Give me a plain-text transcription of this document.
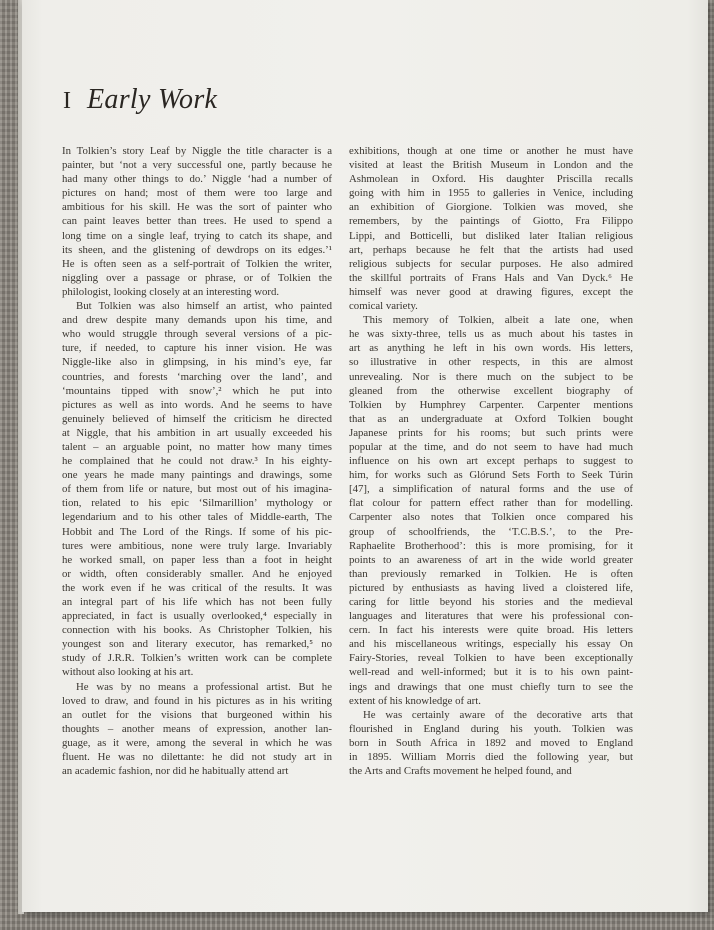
I Early Work
In Tolkien’s story Leaf by Niggle the title character is a
painter, but ‘not a very successful one, partly because he
had many other things to do.’ Niggle ‘had a number of
pictures on hand; most of them were too large and
ambitious for his skill. He was the sort of painter who
can paint leaves better than trees. He used to spend a
long time on a single leaf, trying to catch its shape, and
its sheen, and the glistening of dewdrops on its edges.’¹
He is often seen as a self-portrait of Tolkien the writer,
niggling over a passage or phrase, or of Tolkien the
philologist, looking closely at an interesting word.
But Tolkien was also himself an artist, who painted
and drew despite many demands upon his time, and
who would struggle through several versions of a pic-
ture, if needed, to capture his inner vision. He was
Niggle-like also in glimpsing, in his mind’s eye, far
countries, and forests ‘marching over the land’, and
‘mountains tipped with snow’,² which he put into
pictures as well as into words. And he seems to have
genuinely believed of himself the criticism he directed
at Niggle, that his ambition in art usually exceeded his
talent – an arguable point, no matter how many times
he complained that he could not draw.³ In his eighty-
one years he made many paintings and drawings, some
of them from life or nature, but most out of his imagina-
tion, related to his epic ‘Silmarillion’ mythology or
legendarium and to his other tales of Middle-earth, The
Hobbit and The Lord of the Rings. If some of his pic-
tures were ambitious, none were truly large. Invariably
he worked small, on paper less than a foot in height
or width, often considerably smaller. And he enjoyed
the work even if he was critical of the results. It was
an integral part of his life which has not been fully
appreciated, in fact is usually overlooked,⁴ especially in
connection with his books. As Christopher Tolkien, his
youngest son and literary executor, has remarked,⁵ no
study of J.R.R. Tolkien’s written work can be complete
without also looking at his art.
He was by no means a professional artist. But he
loved to draw, and found in his pictures as in his writing
an outlet for the visions that burgeoned within his
thoughts – another means of expression, another lan-
guage, as it were, among the several in which he was
fluent. He was no dilettante: he did not study art in
an academic fashion, nor did he habitually attend art
exhibitions, though at one time or another he must have
visited at least the British Museum in London and the
Ashmolean in Oxford. His daughter Priscilla recalls
going with him in 1955 to galleries in Venice, including
an exhibition of Giorgione. Tolkien was moved, she
remembers, by the paintings of Giotto, Fra Filippo
Lippi, and Botticelli, but disliked later Italian religious
art, perhaps because he felt that the artists had used
religious subjects for secular purposes. He also admired
the skillful portraits of Frans Hals and Van Dyck.⁶ He
himself was never good at drawing figures, except the
comical variety.
This memory of Tolkien, albeit a late one, when
he was sixty-three, tells us as much about his tastes in
art as anything he left in his own words. His letters,
so illustrative in other respects, in this are almost
unrevealing. Nor is there much on the subject to be
gleaned from the otherwise excellent biography of
Tolkien by Humphrey Carpenter. Carpenter mentions
that as an undergraduate at Oxford Tolkien bought
Japanese prints for his rooms; but such prints were
popular at the time, and do not seem to have had much
influence on his own art except perhaps to suggest to
him, for works such as Glórund Sets Forth to Seek Túrin
[47], a simplification of natural forms and the use of
flat colour for pattern effect rather than for modelling.
Carpenter also notes that Tolkien once compared his
group of schoolfriends, the ‘T.C.B.S.’, to the Pre-
Raphaelite Brotherhood’: this is more promising, for it
points to an awareness of art in the wide world greater
than previously remarked in Tolkien. He is often
pictured by enthusiasts as having lived a cloistered life,
caring for little beyond his stories and the medieval
languages and literatures that were his professional con-
cern. In fact his interests were quite broad. His letters
and his miscellaneous writings, especially his essay On
Fairy-Stories, reveal Tolkien to have been exceptionally
well-read and well-informed; but it is to his own paint-
ings and drawings that one must chiefly turn to see the
extent of his knowledge of art.
He was certainly aware of the decorative arts that
flourished in England during his youth. Tolkien was
born in South Africa in 1892 and moved to England
in 1895. William Morris died the following year, but
the Arts and Crafts movement he helped found, and
